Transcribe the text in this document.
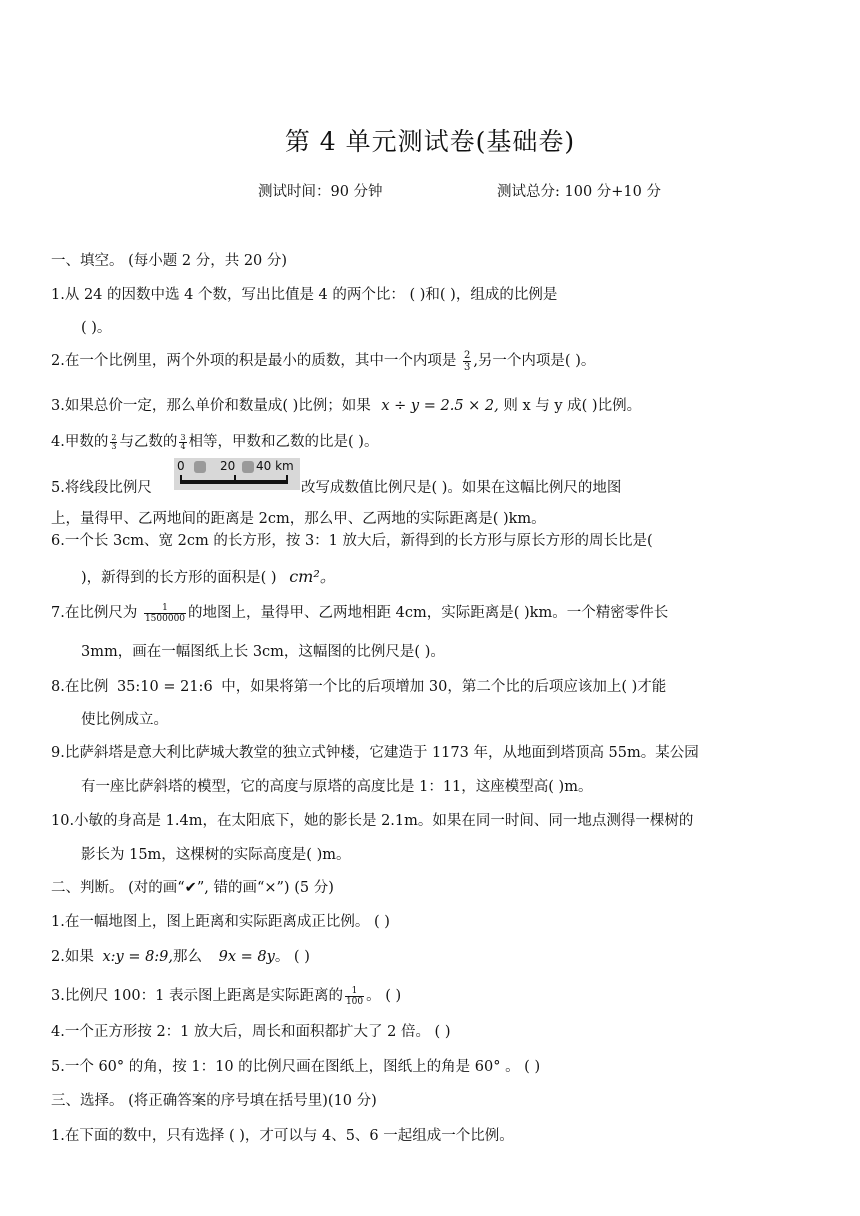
第 4 单元测试卷(基础卷)
测试时间：90 分钟	测试总分: 100 分+10 分
一、填空。 (每小题 2 分，共 20 分)
1.从 24 的因数中选 4 个数，写出比值是 4 的两个比： ( )和( )，组成的比例是
( )。
2.在一个比例里，两个外项的积是最小的质数，其中一个内项是 $\frac{2}{3}$ ,另一个内项是( )。
3.如果总价一定，那么单价和数量成( )比例；如果 x ÷ y = 2.5 × 2, 则 x 与 y 成( )比例。
4.甲数的 $\frac{2}{3}$ 与乙数的 $\frac{3}{4}$ 相等，甲数和乙数的比是( )。
5.将线段比例尺
0	20 40 km
改写成数值比例尺是( )。如果在这幅比例尺的地图
上，量得甲、乙两地间的距离是 2cm，那么甲、乙两地的实际距离是( )km。
6.一个长 3cm、宽 2cm 的长方形，按 3：1 放大后，新得到的长方形与原长方形的周长比是(
)，新得到的长方形的面积是( ) cm²。
7.在比例尺为 $\frac{1}{1500000}$ 的地图上，量得甲、乙两地相距 4cm，实际距离是( )km。一个精密零件长
3mm，画在一幅图纸上长 3cm，这幅图的比例尺是( )。
8.在比例 35:10 = 21:6 中，如果将第一个比的后项增加 30，第二个比的后项应该加上( )才能
使比例成立。
9.比萨斜塔是意大利比萨城大教堂的独立式钟楼，它建造于 1173 年，从地面到塔顶高 55m。某公园
有一座比萨斜塔的模型，它的高度与原塔的高度比是 1：11，这座模型高( )m。
10.小敏的身高是 1.4m，在太阳底下，她的影长是 2.1m。如果在同一时间、同一地点测得一棵树的
影长为 15m，这棵树的实际高度是( )m。
二、判断。 (对的画“✔”, 错的画“×”) (5 分)
1.在一幅地图上，图上距离和实际距离成正比例。 ( )
2.如果 x:y = 8:9,那么 9x = 8y。 ( )
3.比例尺 100：1 表示图上距离是实际距离的 $\frac{1}{100}$ 。 ( )
4.一个正方形按 2：1 放大后，周长和面积都扩大了 2 倍。 ( )
5.一个 60° 的角，按 1：10 的比例尺画在图纸上，图纸上的角是 60° 。 ( )
三、选择。 (将正确答案的序号填在括号里)(10 分)
1.在下面的数中，只有选择 ( )，才可以与 4、5、6 一起组成一个比例。
